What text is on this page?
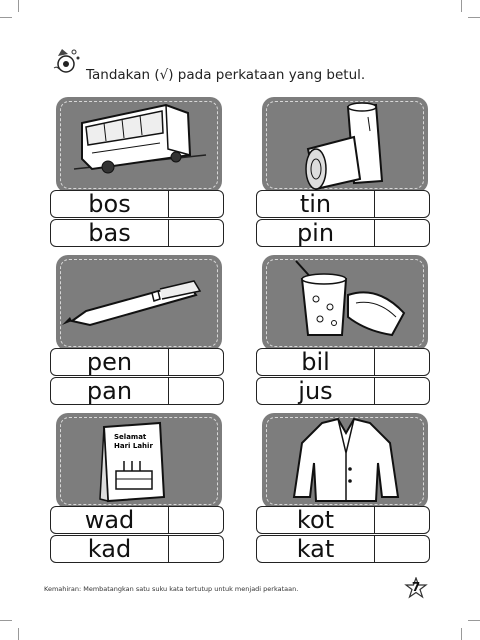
Tandakan (√) pada perkataan yang betul.
bos
bas
tin
pin
pen
pan
bil
jus
Selamat
Hari Lahir
wad
kad
kot
kat
Kemahiran: Membatangkan satu suku kata tertutup untuk menjadi perkataan.	7
